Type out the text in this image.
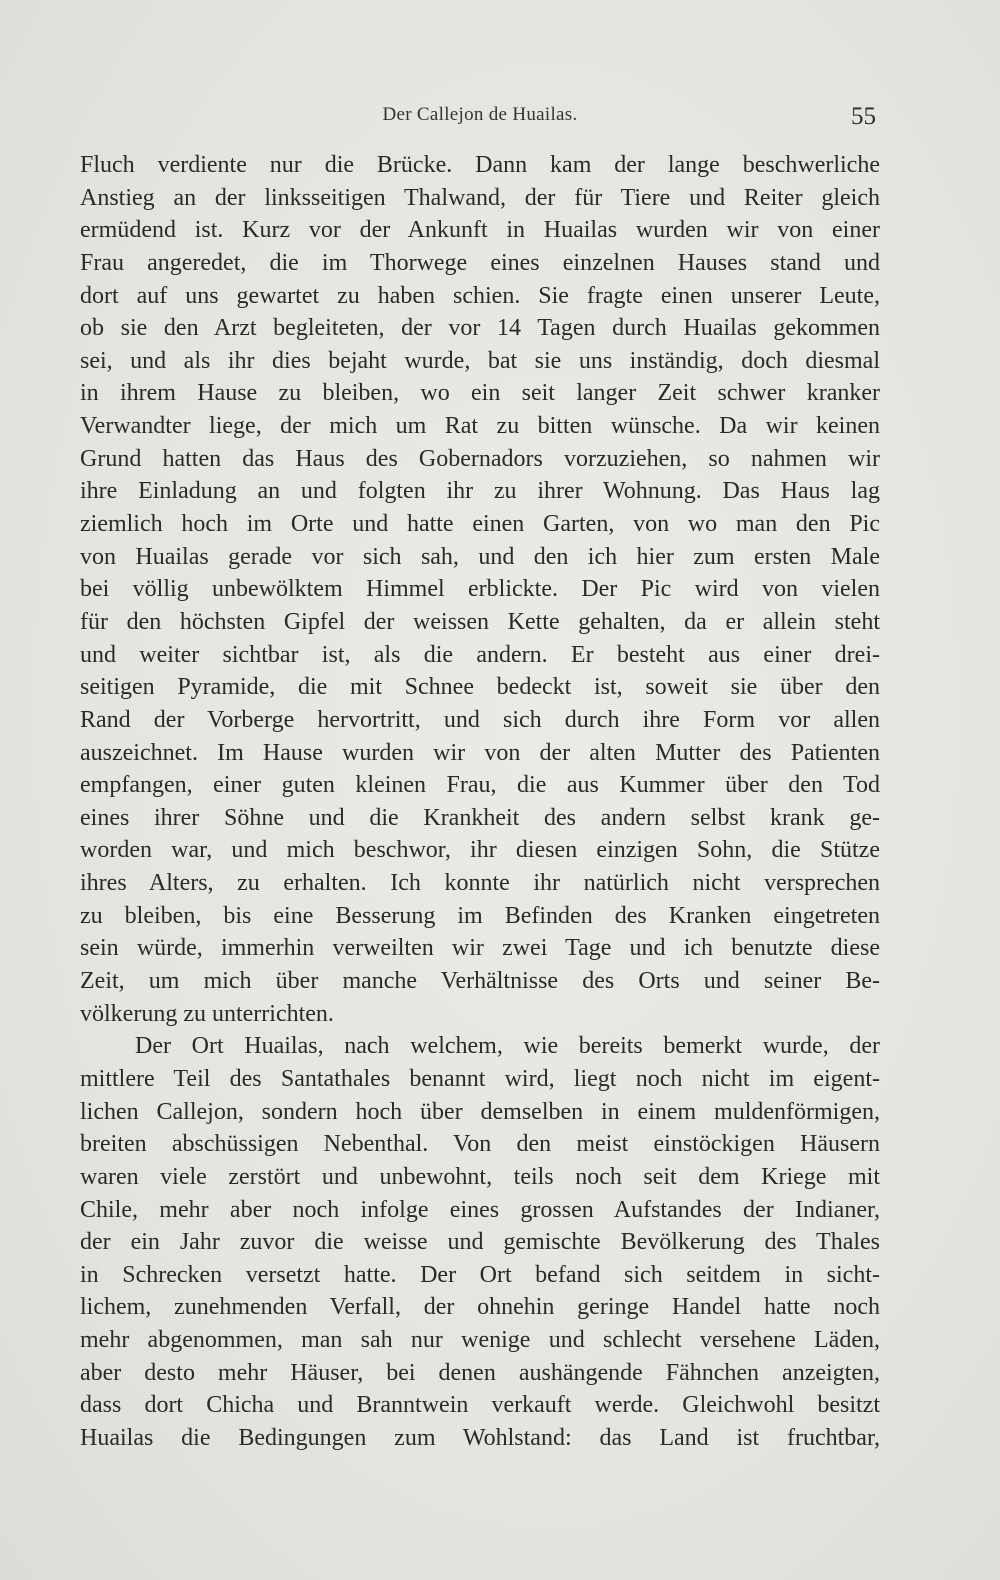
Der Callejon de Huailas.	55
Fluch verdiente nur die Brücke. Dann kam der lange beschwerliche
Anstieg an der linksseitigen Thalwand, der für Tiere und Reiter gleich
ermüdend ist. Kurz vor der Ankunft in Huailas wurden wir von einer
Frau angeredet, die im Thorwege eines einzelnen Hauses stand und
dort auf uns gewartet zu haben schien. Sie fragte einen unserer Leute,
ob sie den Arzt begleiteten, der vor 14 Tagen durch Huailas gekommen
sei, und als ihr dies bejaht wurde, bat sie uns inständig, doch diesmal
in ihrem Hause zu bleiben, wo ein seit langer Zeit schwer kranker
Verwandter liege, der mich um Rat zu bitten wünsche. Da wir keinen
Grund hatten das Haus des Gobernadors vorzuziehen, so nahmen wir
ihre Einladung an und folgten ihr zu ihrer Wohnung. Das Haus lag
ziemlich hoch im Orte und hatte einen Garten, von wo man den Pic
von Huailas gerade vor sich sah, und den ich hier zum ersten Male
bei völlig unbewölktem Himmel erblickte. Der Pic wird von vielen
für den höchsten Gipfel der weissen Kette gehalten, da er allein steht
und weiter sichtbar ist, als die andern. Er besteht aus einer drei-
seitigen Pyramide, die mit Schnee bedeckt ist, soweit sie über den
Rand der Vorberge hervortritt, und sich durch ihre Form vor allen
auszeichnet. Im Hause wurden wir von der alten Mutter des Patienten
empfangen, einer guten kleinen Frau, die aus Kummer über den Tod
eines ihrer Söhne und die Krankheit des andern selbst krank ge-
worden war, und mich beschwor, ihr diesen einzigen Sohn, die Stütze
ihres Alters, zu erhalten. Ich konnte ihr natürlich nicht versprechen
zu bleiben, bis eine Besserung im Befinden des Kranken eingetreten
sein würde, immerhin verweilten wir zwei Tage und ich benutzte diese
Zeit, um mich über manche Verhältnisse des Orts und seiner Be-
völkerung zu unterrichten.
Der Ort Huailas, nach welchem, wie bereits bemerkt wurde, der
mittlere Teil des Santathales benannt wird, liegt noch nicht im eigent-
lichen Callejon, sondern hoch über demselben in einem muldenförmigen,
breiten abschüssigen Nebenthal. Von den meist einstöckigen Häusern
waren viele zerstört und unbewohnt, teils noch seit dem Kriege mit
Chile, mehr aber noch infolge eines grossen Aufstandes der Indianer,
der ein Jahr zuvor die weisse und gemischte Bevölkerung des Thales
in Schrecken versetzt hatte. Der Ort befand sich seitdem in sicht-
lichem, zunehmenden Verfall, der ohnehin geringe Handel hatte noch
mehr abgenommen, man sah nur wenige und schlecht versehene Läden,
aber desto mehr Häuser, bei denen aushängende Fähnchen anzeigten,
dass dort Chicha und Branntwein verkauft werde. Gleichwohl besitzt
Huailas die Bedingungen zum Wohlstand: das Land ist fruchtbar,
